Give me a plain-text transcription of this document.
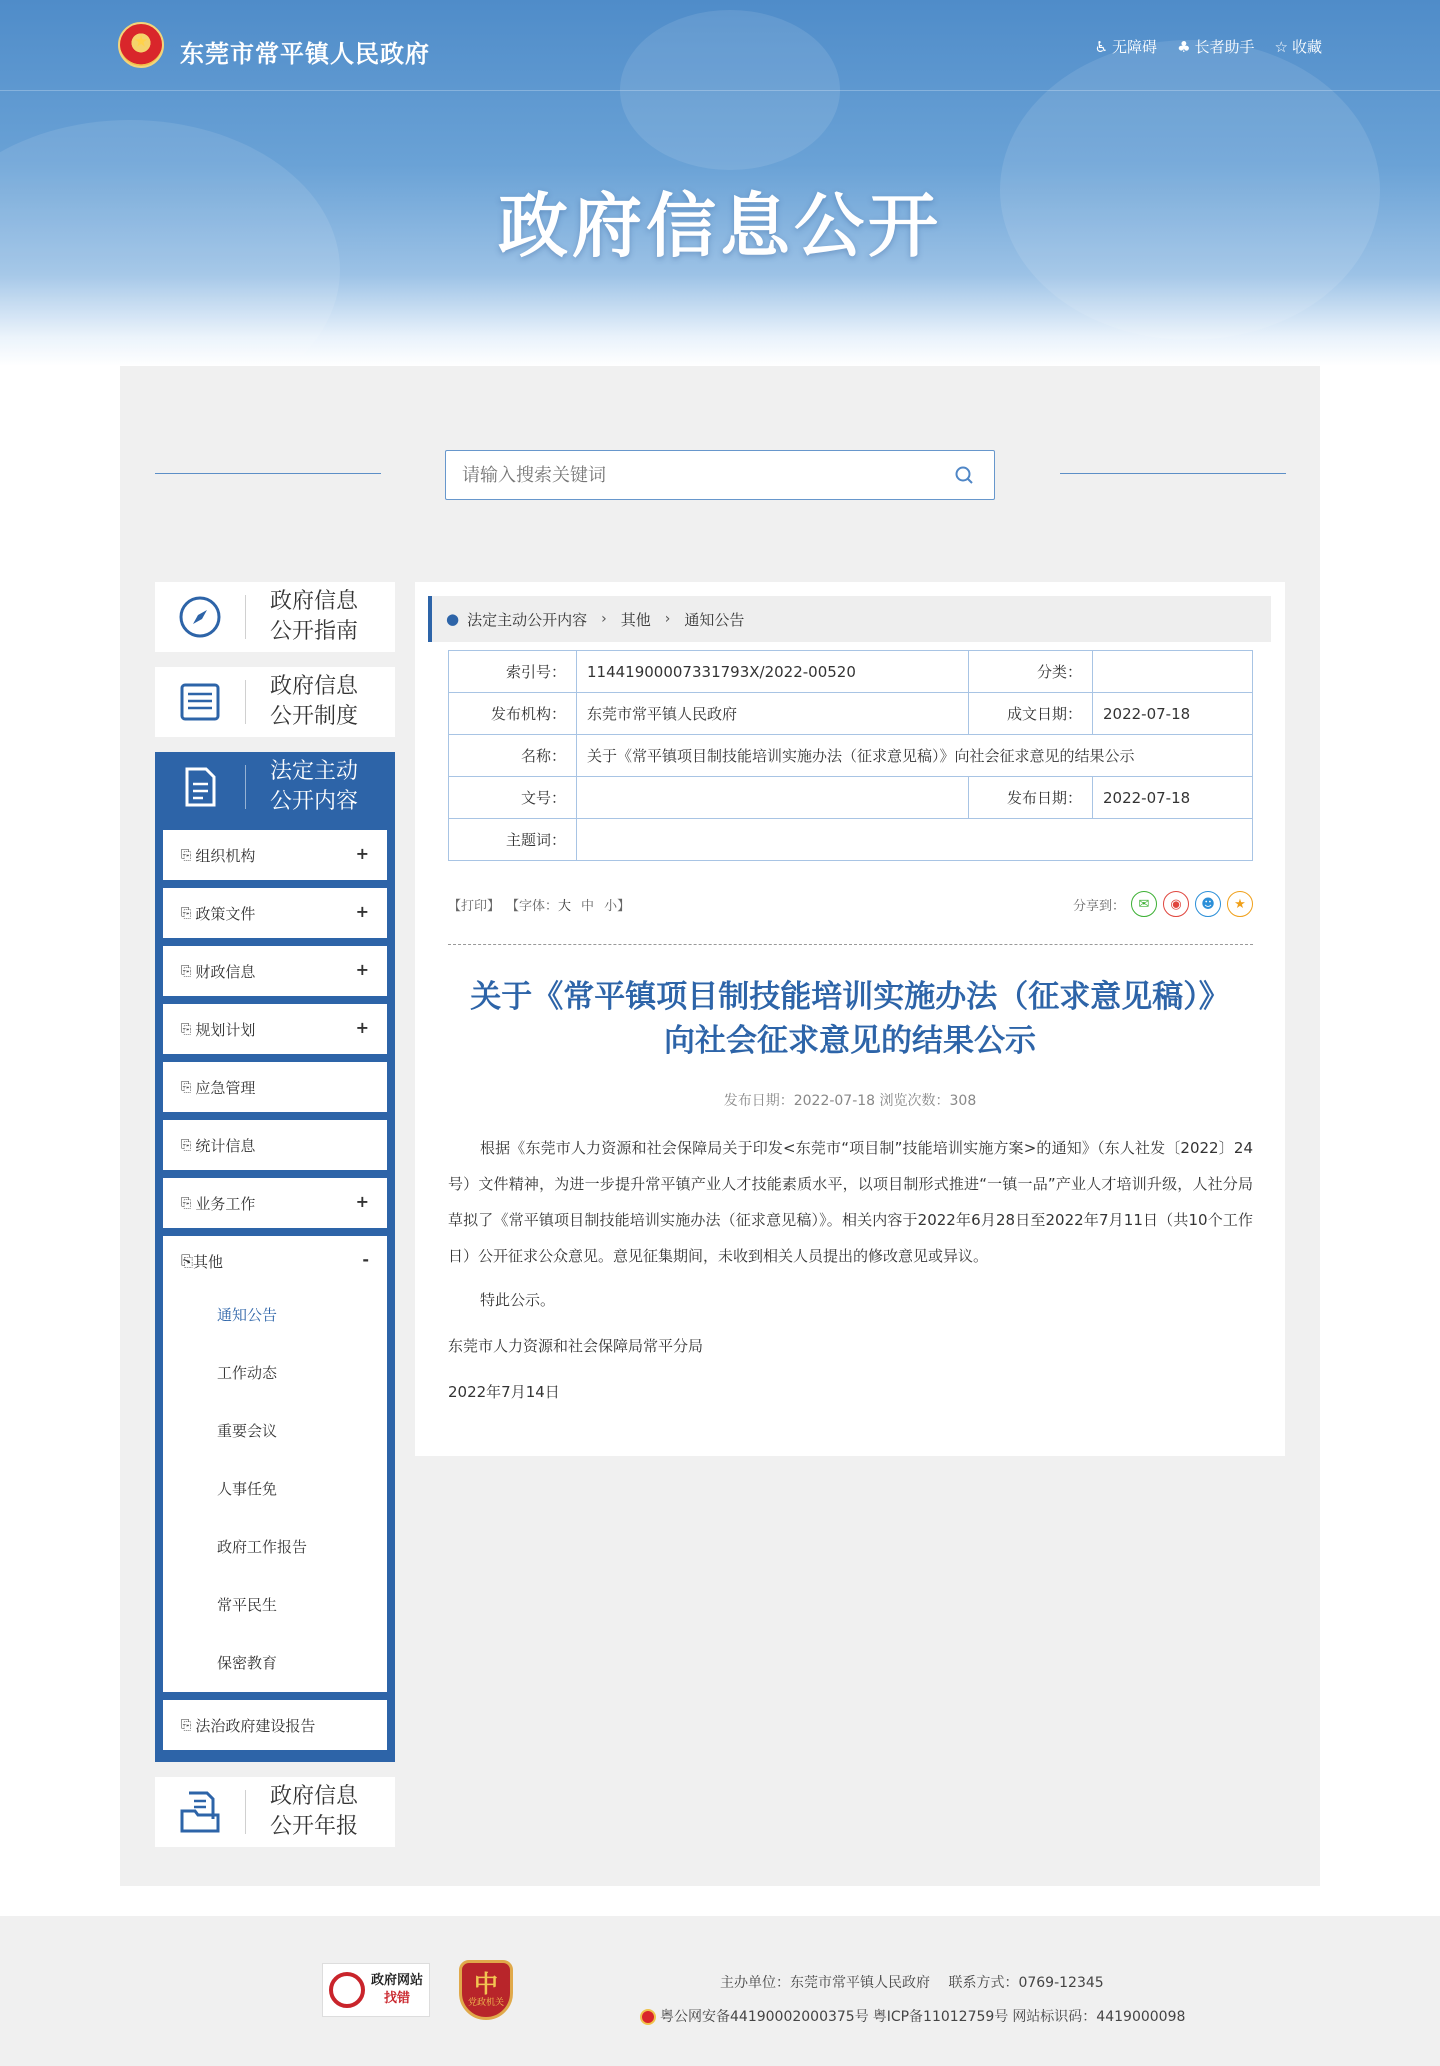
★ 东莞市常平镇人民政府	♿ 无障碍 ♣ 长者助手 ☆ 收藏
政府信息公开
请输入搜索关键词
政府信息
公开指南
政府信息
公开制度
法定主动
公开内容
⎘ 组织机构	+
⎘ 政策文件	+
⎘ 财政信息	+
⎘ 规划计划	+
⎘ 应急管理
⎘ 统计信息
⎘ 业务工作	+
⎘ 其他	-
通知公告
工作动态
重要会议
人事任免
政府工作报告
常平民生
保密教育
⎘ 法治政府建设报告
政府信息
公开年报
● 法定主动公开内容 › 其他 › 通知公告
索引号：	11441900007331793X/2022-00520	分类：	
发布机构：	东莞市常平镇人民政府	成文日期：	2022-07-18
名称：	关于《常平镇项目制技能培训实施办法（征求意见稿）》向社会征求意见的结果公示		
文号：		发布日期：	2022-07-18
主题词：			
【打印】 【字体： 大 中 小 】	分享到：	✉	◉	☻	★
关于《常平镇项目制技能培训实施办法（征求意见稿）》
向社会征求意见的结果公示
发布日期：2022-07-18 浏览次数：308

根据《东莞市人力资源和社会保障局关于印发<东莞市“项目制”技能培训实施方案>的通知》（东人社发〔2022〕24号）文件精神，为进一步提升常平镇产业人才技能素质水平，以项目制形式推进“一镇一品”产业人才培训升级，人社分局草拟了《常平镇项目制技能培训实施办法（征求意见稿）》。相关内容于2022年6月28日至2022年7月11日（共10个工作日）公开征求公众意见。意见征集期间，未收到相关人员提出的修改意见或异议。

特此公示。

东莞市人力资源和社会保障局常平分局

2022年7月14日

政府网站
找错
中
党政机关
主办单位：东莞市常平镇人民政府 联系方式：0769-12345
粤公网安备44190002000375号 粤ICP备11012759号 网站标识码：4419000098
